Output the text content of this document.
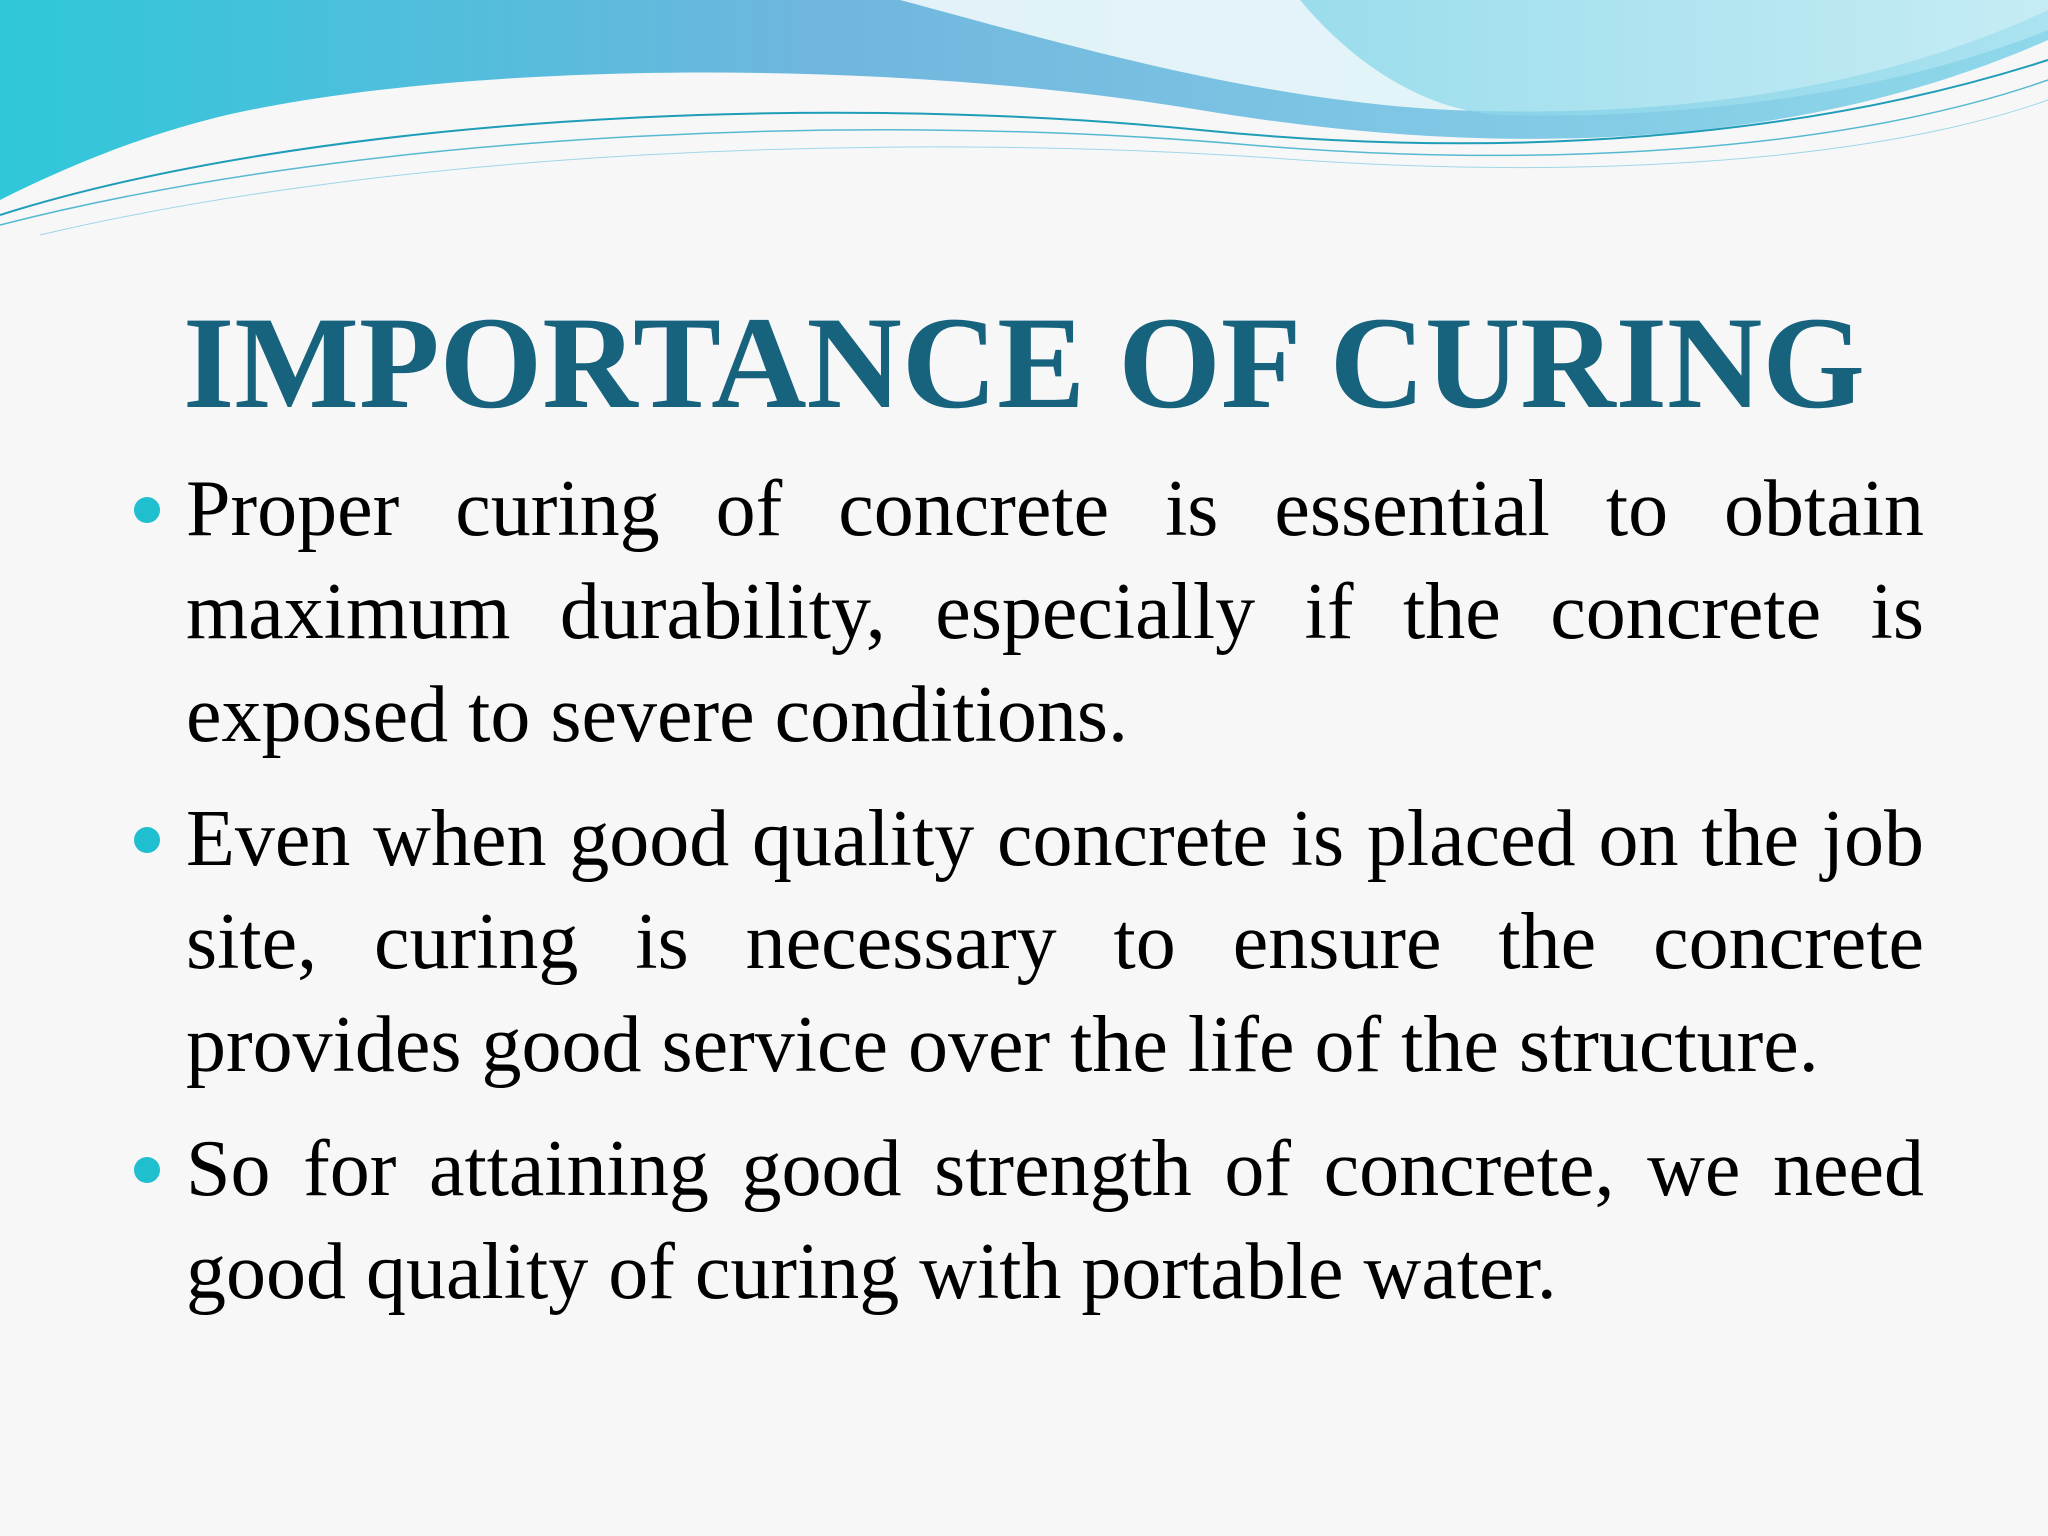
IMPORTANCE OF CURING
Proper curing of concrete is essential to obtain maximum durability, especially if the concrete is exposed to severe conditions.
Even when good quality concrete is placed on the job site, curing is necessary to ensure the concrete provides good service over the life of the structure.
So for attaining good strength of concrete, we need good quality of curing with portable water.
